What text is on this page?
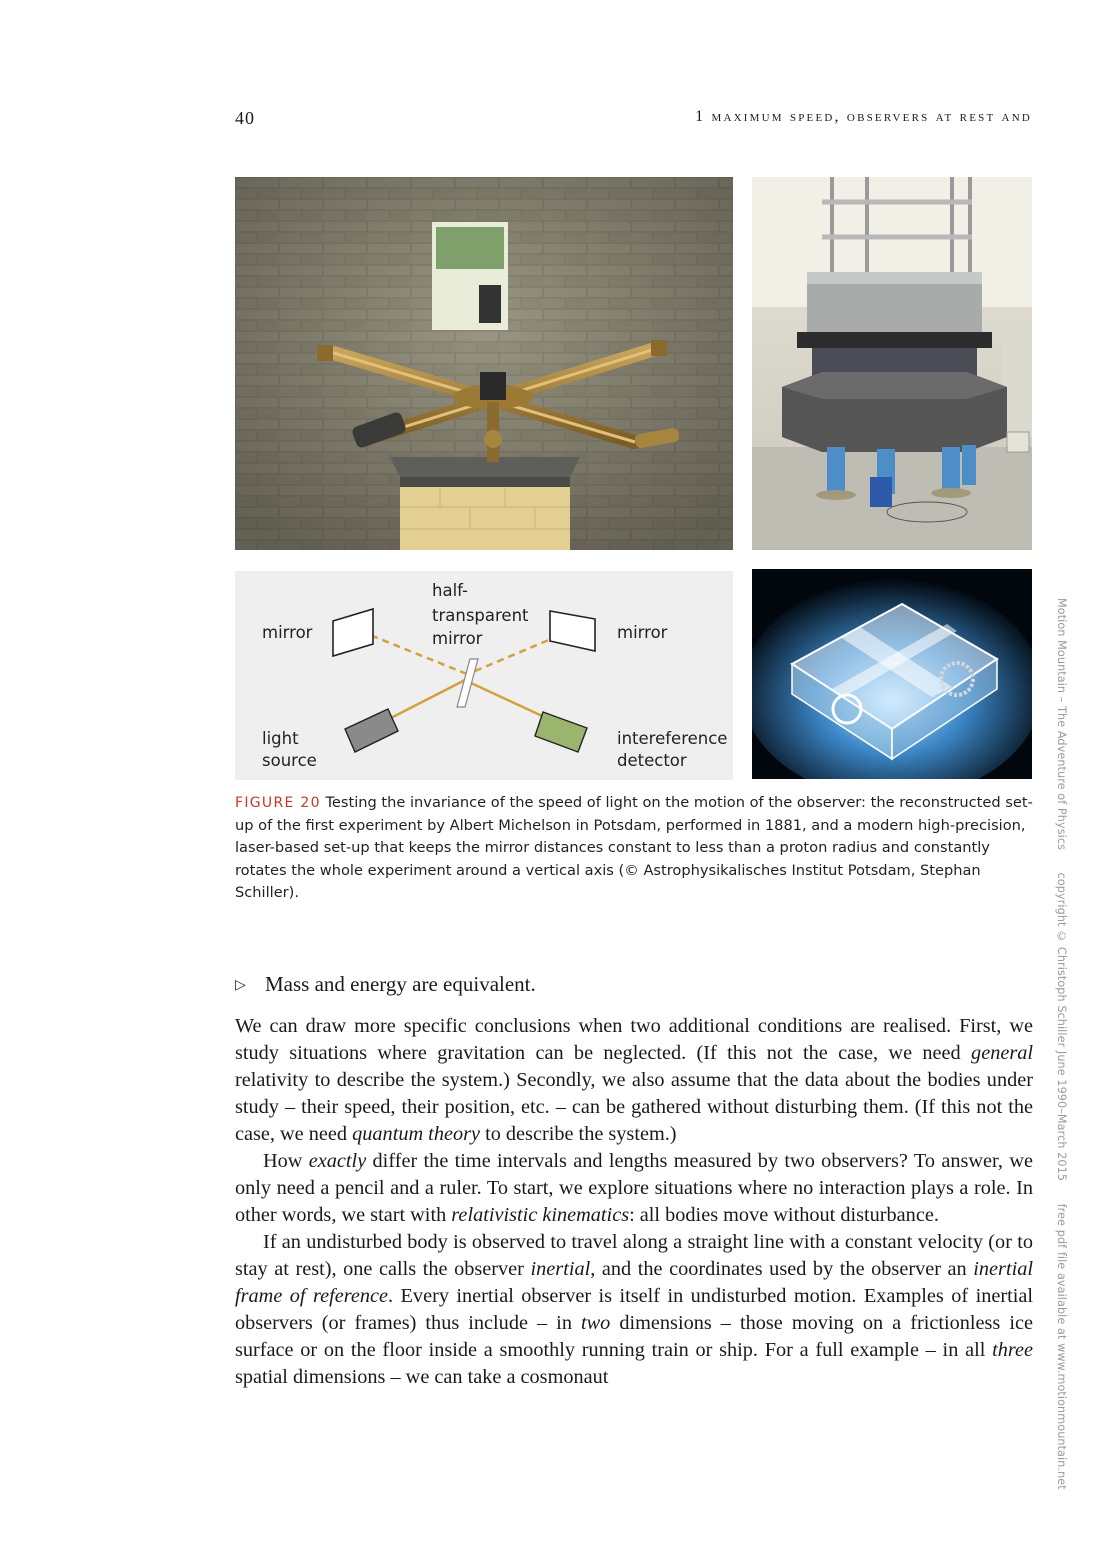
40	1 maximum speed, observers at rest and
mirror	mirror
half-
transparent
mirror
light
source
intereference
detector
FIGURE 20 Testing the invariance of the speed of light on the motion of the observer: the reconstructed set-up of the first experiment by Albert Michelson in Potsdam, performed in 1881, and a modern high-precision, laser-based set-up that keeps the mirror distances constant to less than a proton radius and constantly rotates the whole experiment around a vertical axis (© Astrophysikalisches Institut Potsdam, Stephan Schiller).
▷ Mass and energy are equivalent.

We can draw more specific conclusions when two additional conditions are realised. First, we study situations where gravitation can be neglected. (If this not the case, we need general relativity to describe the system.) Secondly, we also assume that the data about the bodies under study – their speed, their position, etc. – can be gathered without disturbing them. (If this not the case, we need quantum theory to describe the system.)

How exactly differ the time intervals and lengths measured by two observers? To answer, we only need a pencil and a ruler. To start, we explore situations where no interaction plays a role. In other words, we start with relativistic kinematics: all bodies move without disturbance.

If an undisturbed body is observed to travel along a straight line with a constant velocity (or to stay at rest), one calls the observer inertial, and the coordinates used by the observer an inertial frame of reference. Every inertial observer is itself in undisturbed motion. Examples of inertial observers (or frames) thus include – in two dimensions – those moving on a frictionless ice surface or on the floor inside a smoothly running train or ship. For a full example – in all three spatial dimensions – we can take a cosmonaut

Motion Mountain – The Adventure of Physics  copyright © Christoph Schiller June 1990–March 2015  free pdf file available at www.motionmountain.net
